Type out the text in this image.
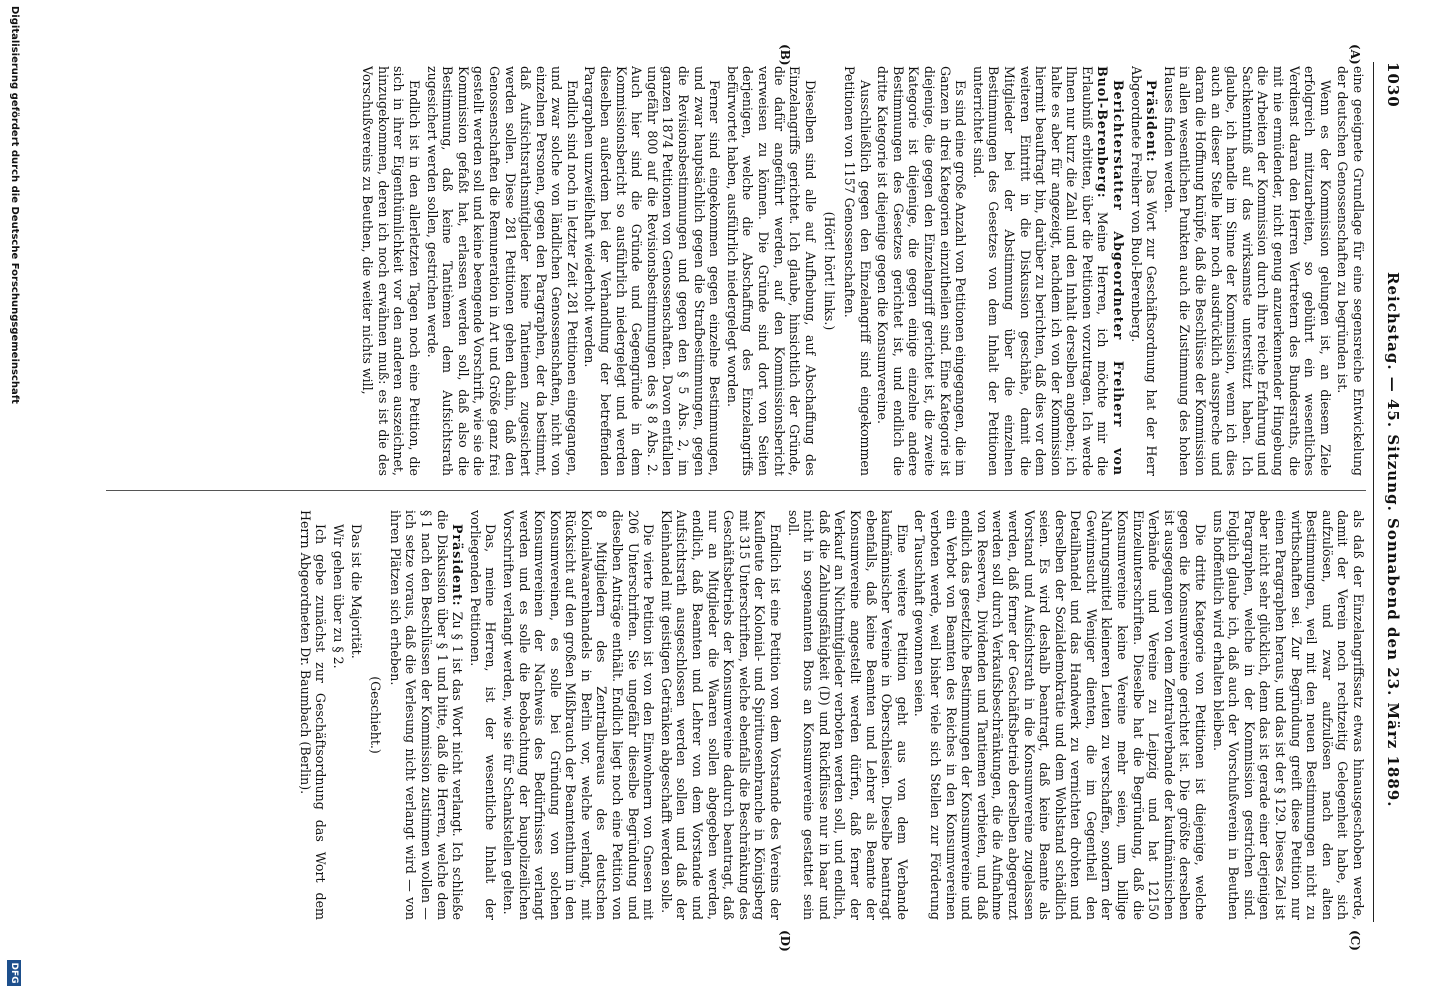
1030
Reichstag. — 45. Sitzung. Sonnabend den 23. März 1889.
(A)
(B)
(C)
(D)

eine geeignete Grundlage für eine segensreiche Entwickelung der deutschen Genossenschaften zu begründen ist.

Wenn es der Kommission gelungen ist, an diesem Ziele erfolgreich mitzuarbeiten, so gebührt ein wesentliches Verdienst daran den Herren Vertretern des Bundesraths, die mit nie ermüdender, nicht genug anzuerkennender Hingebung die Arbeiten der Kommission durch ihre reiche Erfahrung und Sachkenntniß auf das wirksamste unterstützt haben. Ich glaube, ich handle im Sinne der Kommission, wenn ich dies auch an dieser Stelle hier noch ausdrücklich ausspreche und daran die Hoffnung knüpfe, daß die Beschlüsse der Kommission in allen wesentlichen Punkten auch die Zustimmung des hohen Hauses finden werden.

Präsident: Das Wort zur Geschäftsordnung hat der Herr Abgeordnete Freiherr von Buol-Berenberg.

Berichterstatter Abgeordneter Freiherr von Buol-Berenberg: Meine Herren, ich möchte mir die Erlaubniß erbitten, über die Petitionen vorzutragen. Ich werde Ihnen nur kurz die Zahl und den Inhalt derselben angeben; ich halte es aber für angezeigt, nachdem ich von der Kommission hiermit beauftragt bin, darüber zu berichten, daß dies vor dem weiteren Eintritt in die Diskussion geschähe, damit die Mitglieder bei der Abstimmung über die einzelnen Bestimmungen des Gesetzes von dem Inhalt der Petitionen unterrichtet sind.

Es sind eine große Anzahl von Petitionen eingegangen, die im Ganzen in drei Kategorien einzutheilen sind. Eine Kategorie ist diejenige, die gegen den Einzelangriff gerichtet ist, die zweite Kategorie ist diejenige, die gegen einige einzelne andere Bestimmungen des Gesetzes gerichtet ist, und endlich die dritte Kategorie ist diejenige gegen die Konsumvereine.

Ausschließlich gegen den Einzelangriff sind eingekommen Petitionen von 1157 Genossenschaften.

(Hört! hört! links.)

Dieselben sind alle auf Aufhebung, auf Abschaffung des Einzelangriffs gerichtet. Ich glaube, hinsichtlich der Gründe, die dafür angeführt werden, auf den Kommissionsbericht verweisen zu können. Die Gründe sind dort von Seiten derjenigen, welche die Abschaffung des Einzelangriffs befürwortet haben, ausführlich niedergelegt worden.

Ferner sind eingekommen gegen einzelne Bestimmungen, und zwar hauptsächlich gegen die Strafbestimmungen, gegen die Revisionsbestimmungen und gegen den § 5 Abs. 2, im ganzen 1874 Petitionen von Genossenschaften. Davon entfallen ungefähr 800 auf die Revisionsbestimmungen des § 8 Abs. 2. Auch hier sind die Gründe und Gegengründe in dem Kommissionsbericht so ausführlich niedergelegt und werden dieselben außerdem bei der Verhandlung der betreffenden Paragraphen unzweifelhaft wiederholt werden.

Endlich sind noch in letzter Zeit 281 Petitionen eingegangen, und zwar solche von ländlichen Genossenschaften, nicht von einzelnen Personen, gegen den Paragraphen, der da bestimmt, daß Aufsichtsrathsmitglieder keine Tantiemen zugesichert werden sollen. Diese 281 Petitionen gehen dahin, daß den Genossenschaften die Remuneration in Art und Größe ganz frei gestellt werden soll und keine beengende Vorschrift, wie sie die Kommission gefaßt hat, erlassen werden soll, daß also die Bestimmung, daß keine Tantièmen dem Aufsichtsrath zugesichert werden sollen, gestrichen werde.

Endlich ist in den allerletzten Tagen noch eine Petition, die sich in ihrer Eigenthümlichkeit vor den anderen auszeichnet, hinzugekommen, deren ich noch erwähnen muß: es ist die des Vorschußvereins zu Beuthen, die weiter nichts will,

als daß der Einzelangriffssatz etwas hinausgeschoben werde, damit der Verein noch rechtzeitig Gelegenheit habe, sich aufzulösen, und zwar aufzulösen nach den alten Bestimmungen, weil mit den neuen Bestimmungen nicht zu wirthschaften sei. Zur Begründung greift diese Petition nur einen Paragraphen heraus, und das ist der § 129. Dieses Ziel ist aber nicht sehr glücklich, denn das ist gerade einer derjenigen Paragraphen, welche in der Kommission gestrichen sind. Folglich glaube ich, daß auch der Vorschußverein in Beuthen uns hoffentlich wird erhalten bleiben.

Die dritte Kategorie von Petitionen ist diejenige, welche gegen die Konsumvereine gerichtet ist. Die größte derselben ist ausgegangen von dem Zentralverbande der kaufmännischen Verbände und Vereine zu Leipzig und hat 12150 Einzelunterschriften. Dieselbe hat die Begründung, daß die Konsumvereine keine Vereine mehr seien, um billige Nahrungsmittel kleineren Leuten zu verschaffen, sondern der Gewinnsucht Weniger dienten, die im Gegentheil den Detailhandel und das Handwerk zu vernichten drohten und derselben der Sozialdemokratie und dem Wohlstand schädlich seien. Es wird deshalb beantragt, daß keine Beamte als Vorstand und Aufsichtsrath in die Konsumvereine zugelassen werden, daß ferner der Geschäftsbetrieb derselben abgegrenzt werden soll durch Verkaufsbeschränkungen, die die Aufnahme von Reserven, Dividenden und Tantiemen verbieten, und daß endlich das gesetzliche Bestimmungen der Konsumvereine und ein Verbot von Beamten des Reiches in den Konsumvereinen verboten werde, weil bisher viele sich Stellen zur Förderung der Tauschhaft gewonnen seien.

Eine weitere Petition geht aus von dem Verbande kaufmännischer Vereine in Oberschlesien. Dieselbe beantragt ebenfalls, daß keine Beamten und Lehrer als Beamte der Konsumvereine angestellt werden dürfen, daß ferner der Verkauf an Nichtmitglieder verboten werden soll, und endlich, daß die Zahlungsfähigkeit (D) und Rückflüsse nur in baar und nicht in sogenannten Bons an Konsumvereine gestattet sein soll.

Endlich ist eine Petition von dem Vorstande des Vereins der Kaufleute der Kolonial- und Spirituosenbranche in Königsberg mit 315 Unterschriften, welche ebenfalls die Beschränkung des Geschäftsbetriebs der Konsumvereine dadurch beantragt, daß nur an Mitglieder die Waaren sollen abgegeben werden, endlich, daß Beamten und Lehrer von dem Vorstande und Aufsichtsrath ausgeschlossen werden sollen und daß der Kleinhandel mit geistigen Getränken abgeschafft werden solle.

Die vierte Petition ist von den Einwohnern von Gnesen mit 206 Unterschriften. Sie ungefähr dieselbe Begründung und dieselben Anträge enthält. Endlich liegt noch eine Petition von 8 Mitgliedern des Zentralbureaus des deutschen Kolonialwaarenhandels in Berlin vor, welche verlangt, mit Rücksicht auf den großen Mißbrauch der Beamtenthum in den Konsumvereinen, es solle bei Gründung von solchen Konsumvereinen der Nachweis des Bedürfnisses verlangt werden und es solle die Beobachtung der baupolizeilichen Vorschriften verlangt werden, wie sie für Schankstellen gelten.

Das, meine Herren, ist der wesentliche Inhalt der vorliegenden Petitionen.

Präsident: Zu § 1 ist das Wort nicht verlangt. Ich schließe die Diskussion über § 1 und bitte, daß die Herren, welche dem § 1 nach den Beschlüssen der Kommission zustimmen wollen — ich setze voraus, daß die Verlesung nicht verlangt wird — von ihren Plätzen sich erheben.

(Geschieht.)

Das ist die Majorität.

Wir gehen über zu § 2.

Ich gebe zunächst zur Geschäftsordnung das Wort dem Herrn Abgeordneten Dr. Baumbach (Berlin).

Digitalisierung gefördert durch die Deutsche Forschungsgemeinschaft
DFG
